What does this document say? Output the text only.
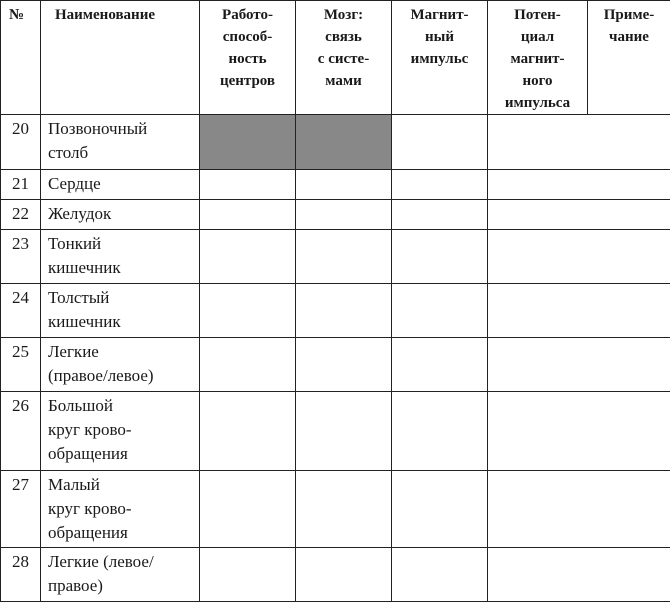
№	Наименование	Работо-
способ-
ность
центров	Мозг:
связь
с систе-
мами	Магнит-
ный
импульс	Потен-
циал
магнит-
ного
импульса	Приме-
чание

20	Позвоночный
столб					
21	Сердце					
22	Желудок					
23	Тонкий
кишечник					
24	Толстый
кишечник					
25	Легкие
(правое/левое)					
26	Большой
круг крово-
обращения					
27	Малый
круг крово-
обращения					
28	Легкие (левое/
правое)					
